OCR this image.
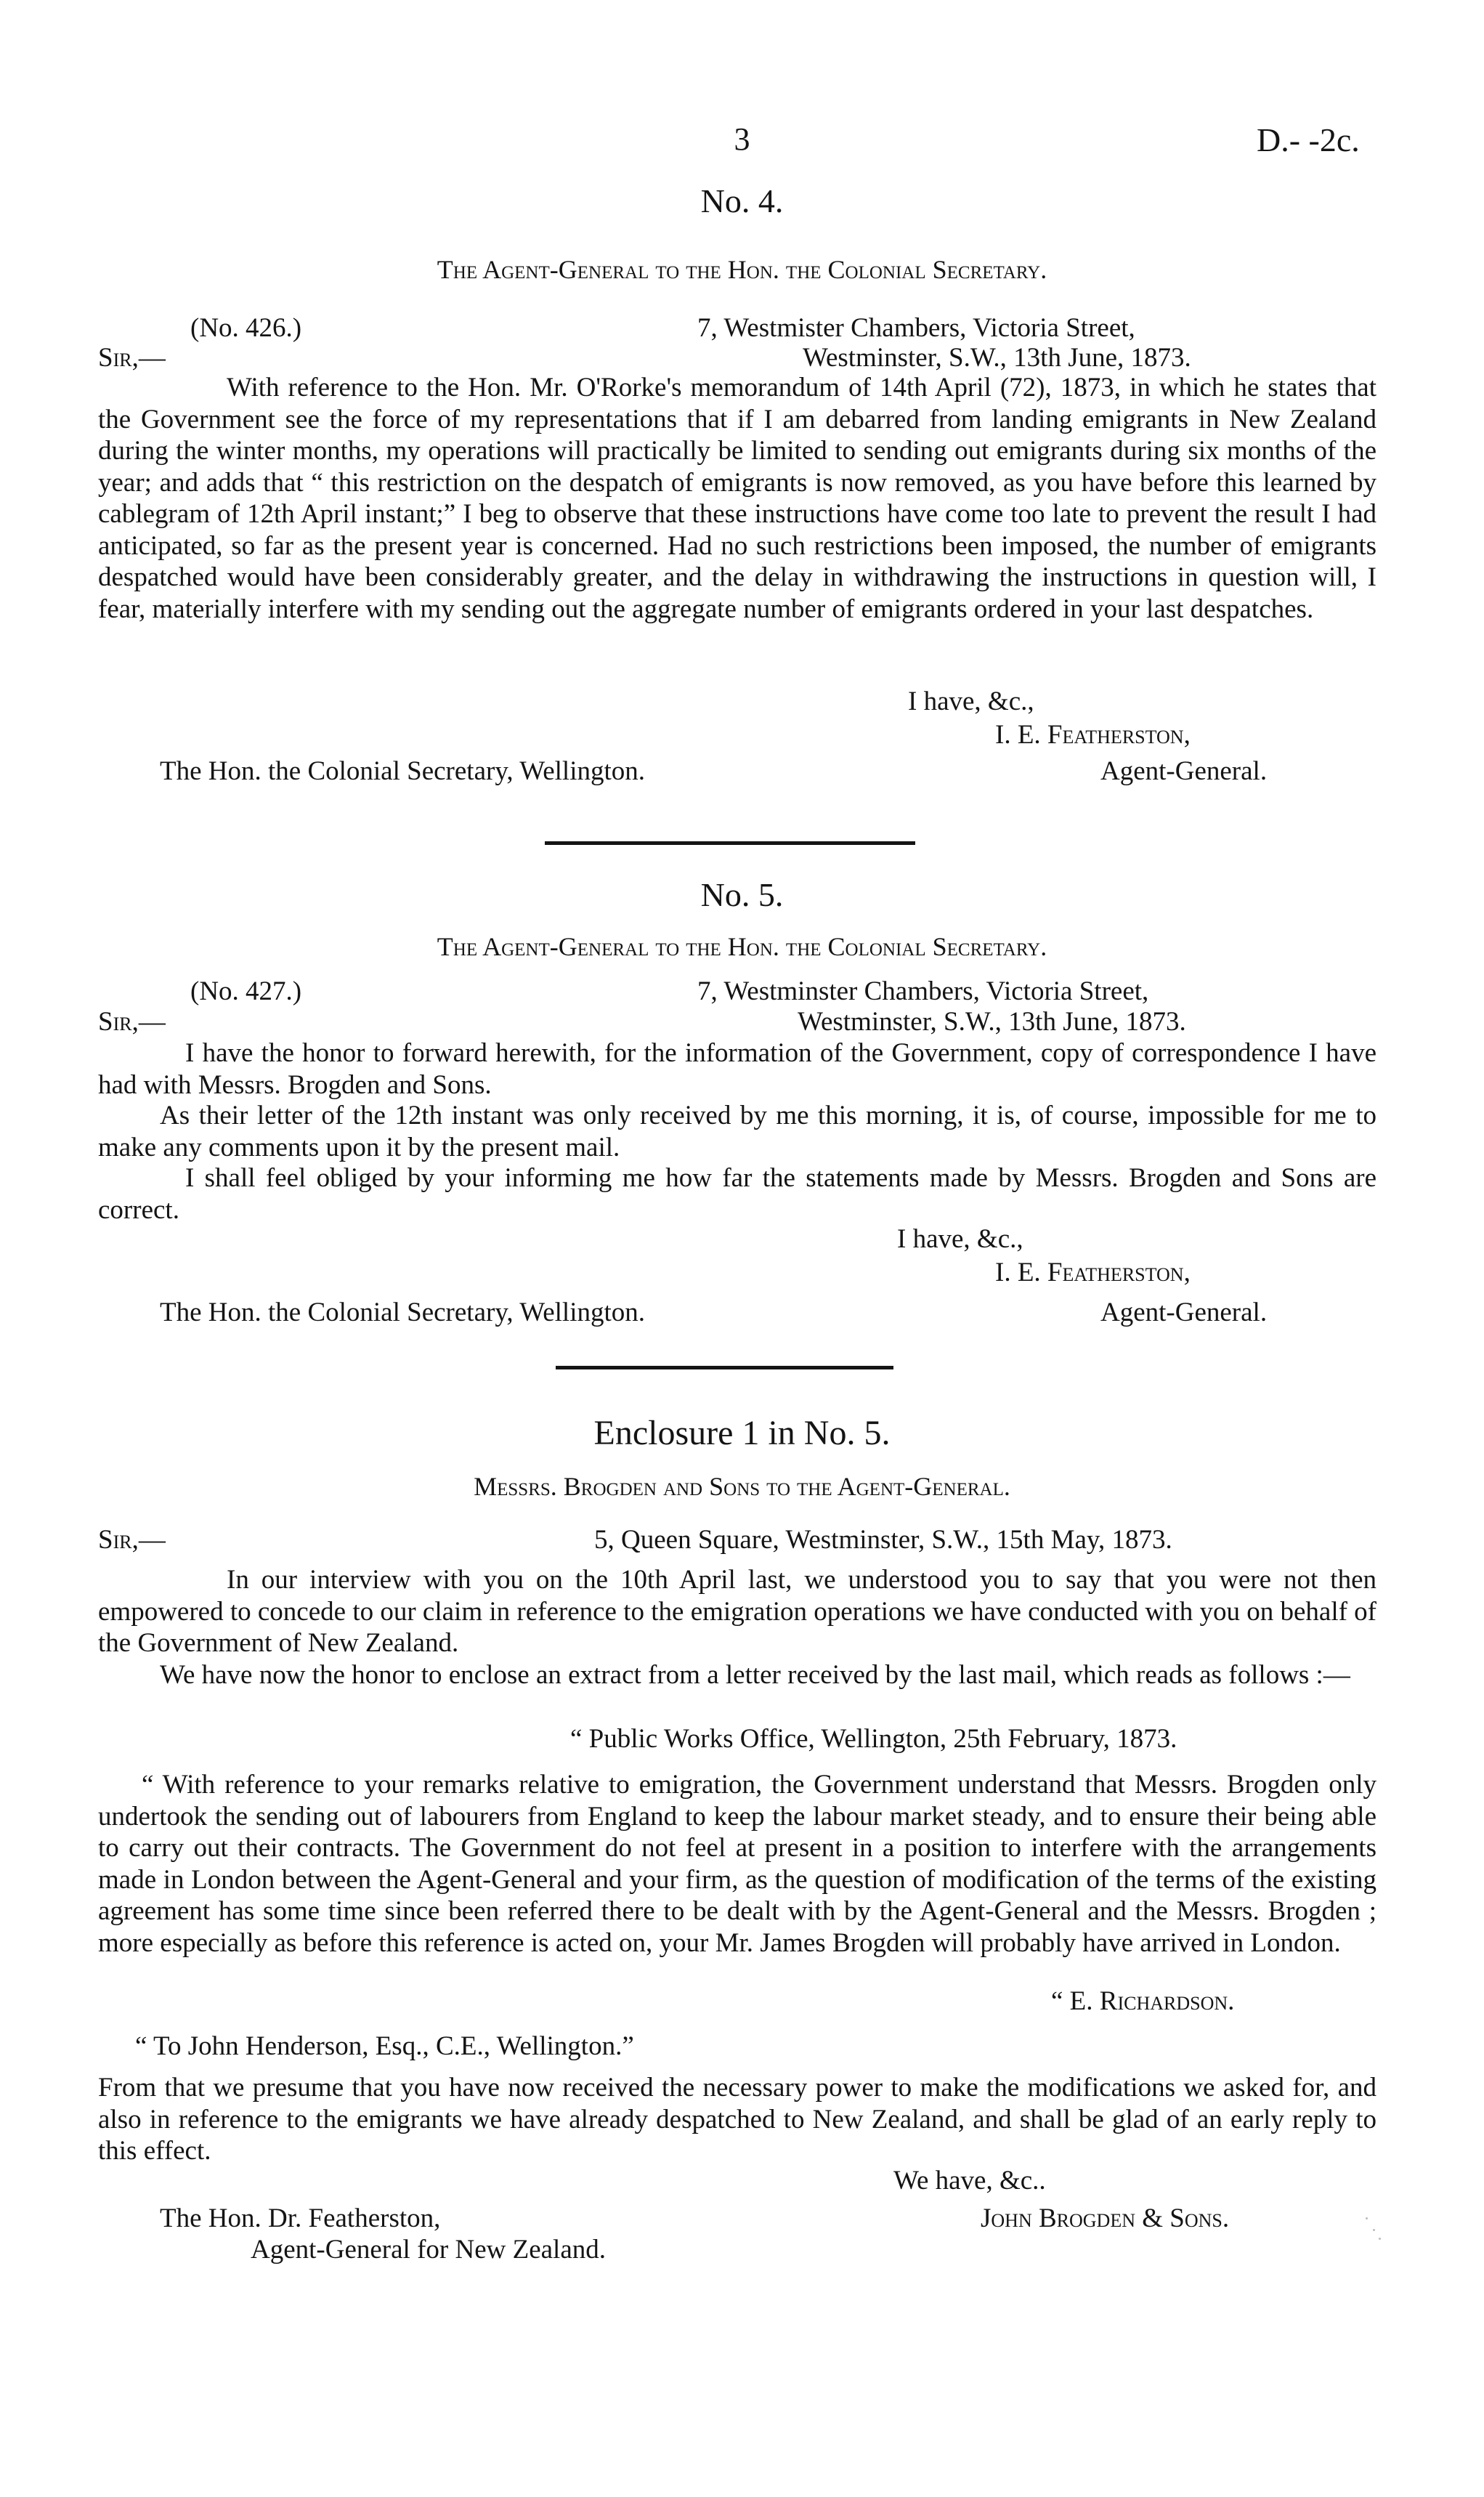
3	D.- -2c.
No. 4.
The Agent-General to the Hon. the Colonial Secretary.
(No. 426.)	7, Westmister Chambers, Victoria Street,
Sir,—	Westminster, S.W., 13th June, 1873.
With reference to the Hon. Mr. O'Rorke's memorandum of 14th April (72), 1873, in which he states that the Government see the force of my representations that if I am debarred from landing emigrants in New Zealand during the winter months, my operations will practically be limited to sending out emigrants during six months of the year; and adds that “ this restriction on the despatch of emigrants is now removed, as you have before this learned by cablegram of 12th April instant;” I beg to observe that these instructions have come too late to prevent the result I had anticipated, so far as the present year is concerned. Had no such restrictions been imposed, the number of emigrants despatched would have been considerably greater, and the delay in withdrawing the instructions in question will, I fear, materially interfere with my sending out the aggregate number of emigrants ordered in your last despatches.
I have, &c.,
I. E. Featherston,
The Hon. the Colonial Secretary, Wellington.	Agent-General.
No. 5.
The Agent-General to the Hon. the Colonial Secretary.
(No. 427.)	7, Westminster Chambers, Victoria Street,
Sir,—	Westminster, S.W., 13th June, 1873.
I have the honor to forward herewith, for the information of the Government, copy of correspondence I have had with Messrs. Brogden and Sons.
As their letter of the 12th instant was only received by me this morning, it is, of course, impossible for me to make any comments upon it by the present mail.
I shall feel obliged by your informing me how far the statements made by Messrs. Brogden and Sons are correct.
I have, &c.,
I. E. Featherston,
The Hon. the Colonial Secretary, Wellington.	Agent-General.
Enclosure 1 in No. 5.
Messrs. Brogden and Sons to the Agent-General.
Sir,—	5, Queen Square, Westminster, S.W., 15th May, 1873.
In our interview with you on the 10th April last, we understood you to say that you were not then empowered to concede to our claim in reference to the emigration operations we have conducted with you on behalf of the Government of New Zealand.
We have now the honor to enclose an extract from a letter received by the last mail, which reads as follows :—
“ Public Works Office, Wellington, 25th February, 1873.
“ With reference to your remarks relative to emigration, the Government understand that Messrs. Brogden only undertook the sending out of labourers from England to keep the labour market steady, and to ensure their being able to carry out their contracts. The Government do not feel at present in a position to interfere with the arrangements made in London between the Agent-General and your firm, as the question of modification of the terms of the existing agreement has some time since been referred there to be dealt with by the Agent-General and the Messrs. Brogden ; more especially as before this reference is acted on, your Mr. James Brogden will probably have arrived in London.
“ E. Richardson.
“ To John Henderson, Esq., C.E., Wellington.”
From that we presume that you have now received the necessary power to make the modifications we asked for, and also in reference to the emigrants we have already despatched to New Zealand, and shall be glad of an early reply to this effect.
We have, &c..
The Hon. Dr. Featherston,	John Brogden & Sons.
Agent-General for New Zealand.
